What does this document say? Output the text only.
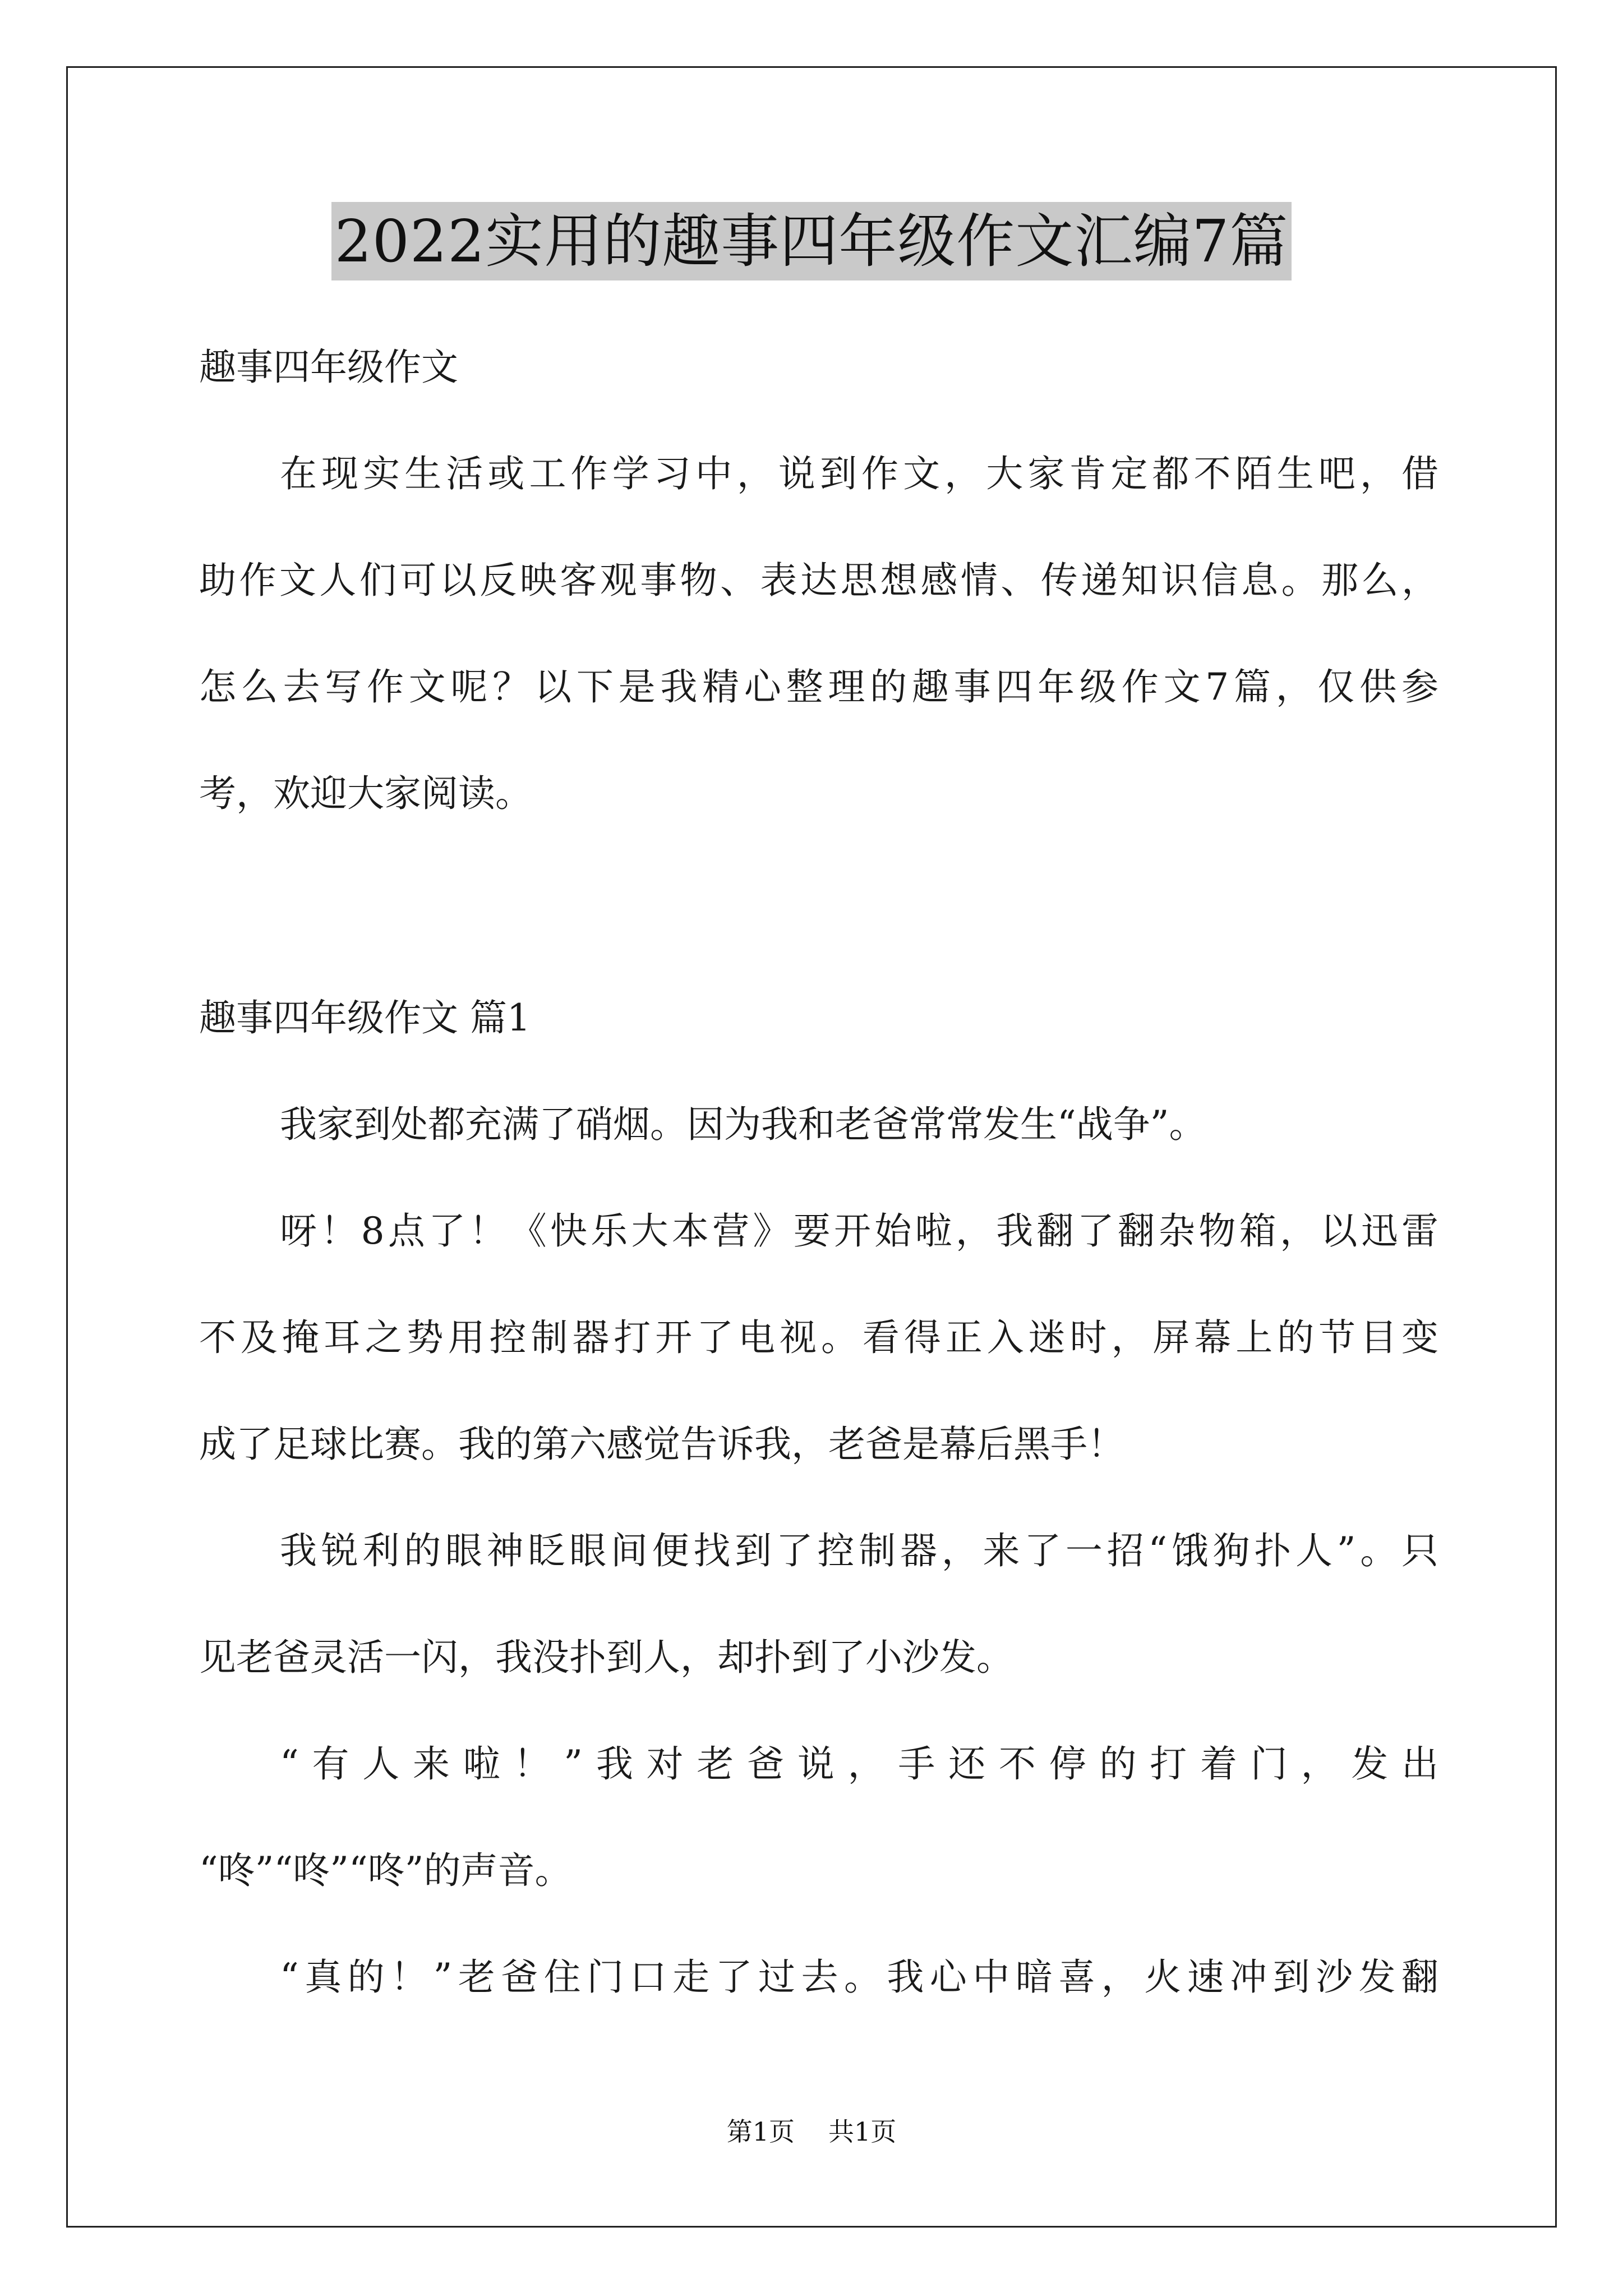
2022实用的趣事四年级作文汇编7篇
趣事四年级作文
在现实生活或工作学习中，说到作文，大家肯定都不陌生吧，借
助作文人们可以反映客观事物、表达思想感情、传递知识信息。那么，
怎么去写作文呢？以下是我精心整理的趣事四年级作文7篇，仅供参
考，欢迎大家阅读。
趣事四年级作文 篇1
我家到处都充满了硝烟。因为我和老爸常常发生“战争”。
呀！8点了！《快乐大本营》要开始啦，我翻了翻杂物箱，以迅雷
不及掩耳之势用控制器打开了电视。看得正入迷时，屏幕上的节目变
成了足球比赛。我的第六感觉告诉我，老爸是幕后黑手！
我锐利的眼神眨眼间便找到了控制器，来了一招“饿狗扑人”。只
见老爸灵活一闪，我没扑到人，却扑到了小沙发。
“有人来啦！”我对老爸说，手还不停的打着门，发出
“咚”“咚”“咚”的声音。
“真的！”老爸住门口走了过去。我心中暗喜，火速冲到沙发翻
第1页 共1页
